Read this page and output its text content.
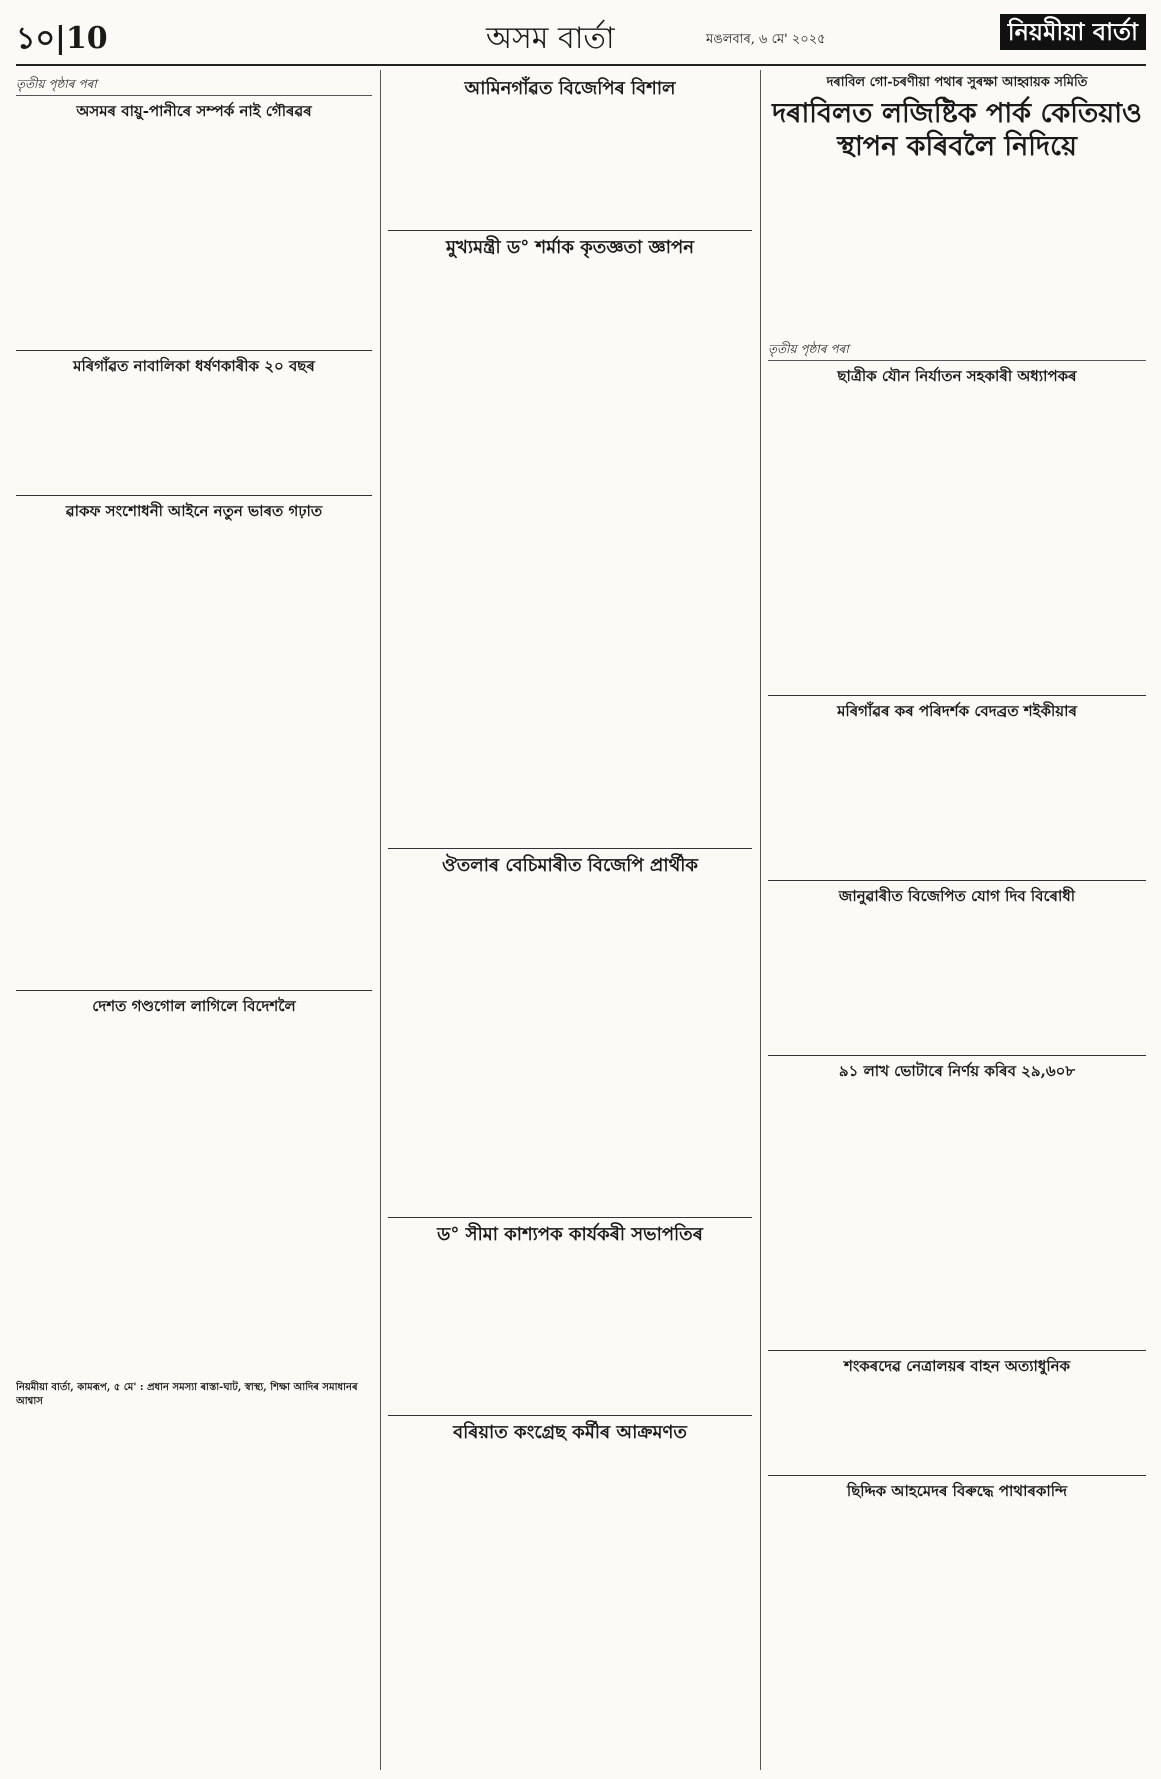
১০|10	অসম বাৰ্তা	মঙলবাৰ, ৬ মে' ২০২৫	নিয়মীয়া বাৰ্তা
তৃতীয় পৃষ্ঠাৰ পৰা
অসমৰ বায়ু-পানীৰে সম্পৰ্ক নাই গৌৰৱৰ
মৰিগাঁৱত নাবালিকা ধৰ্ষণকাৰীক ২০ বছৰ
ৱাকফ সংশোধনী আইনে নতুন ভাৰত গঢ়াত
দেশত গণ্ডগোল লাগিলে বিদেশলৈ
নিয়মীয়া বাৰ্তা, কামৰূপ, ৫ মে' : প্ৰধান সমস্যা ৰাস্তা-ঘাট, স্বাস্থ্য, শিক্ষা আদিৰ সমাধানৰ আশ্বাস
আমিনগাঁৱত বিজেপিৰ বিশাল
মুখ্যমন্ত্ৰী ড° শৰ্মাক কৃতজ্ঞতা জ্ঞাপন
ঔতলাৰ বেচিমাৰীত বিজেপি প্ৰাৰ্থীক
ড° সীমা কাশ্যপক কাৰ্যকৰী সভাপতিৰ
বৰিয়াত কংগ্ৰেছ কৰ্মীৰ আক্ৰমণত
দৰাবিল গো-চৰণীয়া পথাৰ সুৰক্ষা আহ্বায়ক সমিতি
দৰাবিলত লজিষ্টিক পাৰ্ক কেতিয়াও স্থাপন কৰিবলৈ নিদিয়ে
তৃতীয় পৃষ্ঠাৰ পৰা
ছাত্ৰীক যৌন নিৰ্যাতন সহকাৰী অধ্যাপকৰ
মৰিগাঁৱৰ কৰ পৰিদৰ্শক বেদব্ৰত শইকীয়াৰ
জানুৱাৰীত বিজেপিত যোগ দিব বিৰোধী
৯১ লাখ ভোটাৰে নিৰ্ণয় কৰিব ২৯,৬০৮
শংকৰদেৱ নেত্ৰালয়ৰ বাহন অত্যাধুনিক
ছিদ্দিক আহমেদৰ বিৰুদ্ধে পাথাৰকান্দি
